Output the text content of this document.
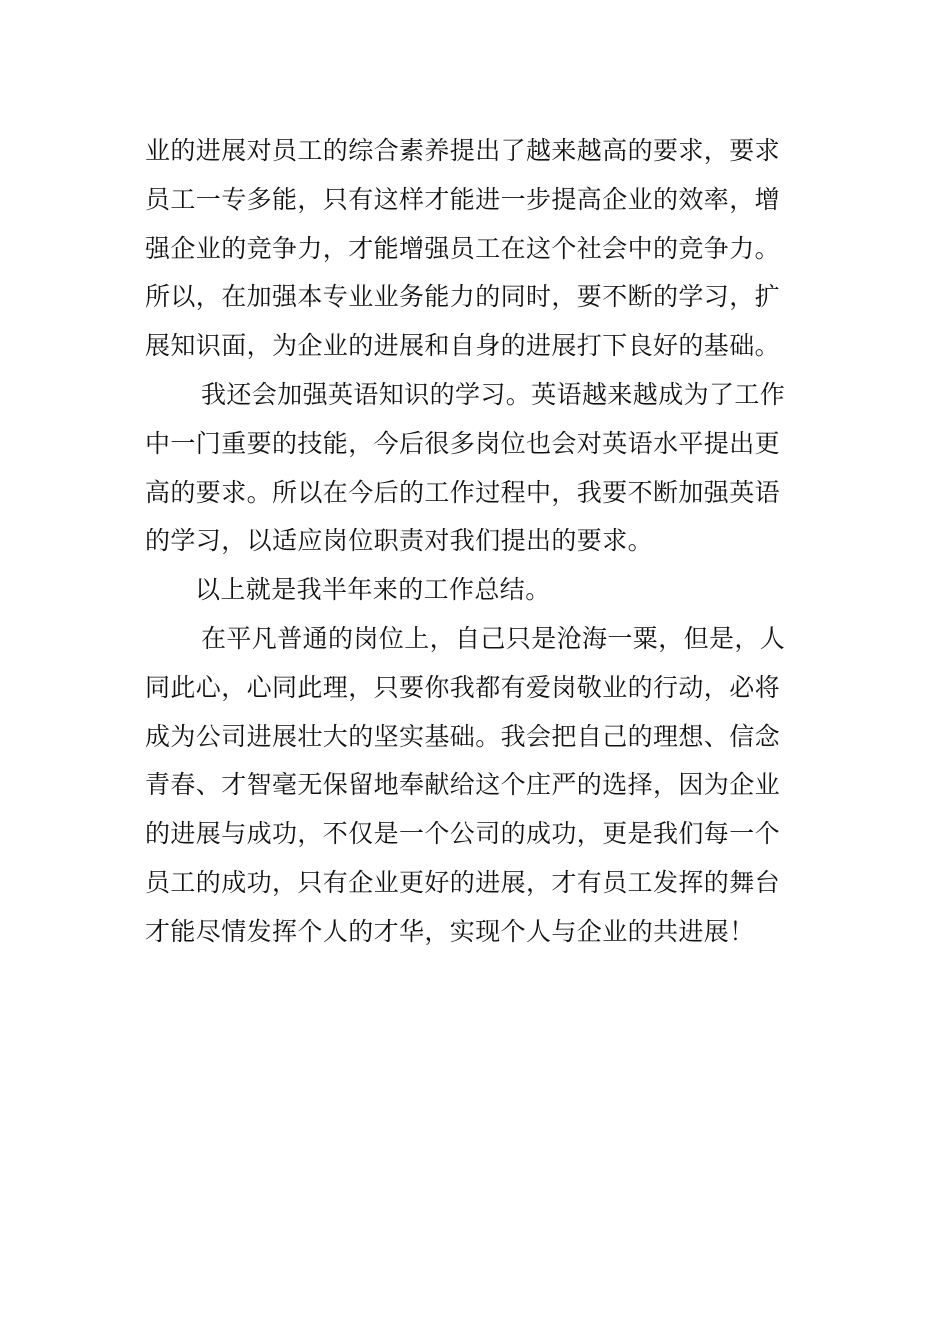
业的进展对员工的综合素养提出了越来越高的要求，要求
员工一专多能，只有这样才能进一步提高企业的效率，增
强企业的竞争力，才能增强员工在这个社会中的竞争力。
所以，在加强本专业业务能力的同时，要不断的学习，扩
展知识面，为企业的进展和自身的进展打下良好的基础。
我还会加强英语知识的学习。英语越来越成为了工作
中一门重要的技能，今后很多岗位也会对英语水平提出更
高的要求。所以在今后的工作过程中，我要不断加强英语
的学习，以适应岗位职责对我们提出的要求。
以上就是我半年来的工作总结。
在平凡普通的岗位上，自己只是沧海一粟，但是，人
同此心，心同此理，只要你我都有爱岗敬业的行动，必将
成为公司进展壮大的坚实基础。我会把自己的理想、信念
青春、才智毫无保留地奉献给这个庄严的选择，因为企业
的进展与成功，不仅是一个公司的成功，更是我们每一个
员工的成功，只有企业更好的进展，才有员工发挥的舞台
才能尽情发挥个人的才华，实现个人与企业的共进展！
